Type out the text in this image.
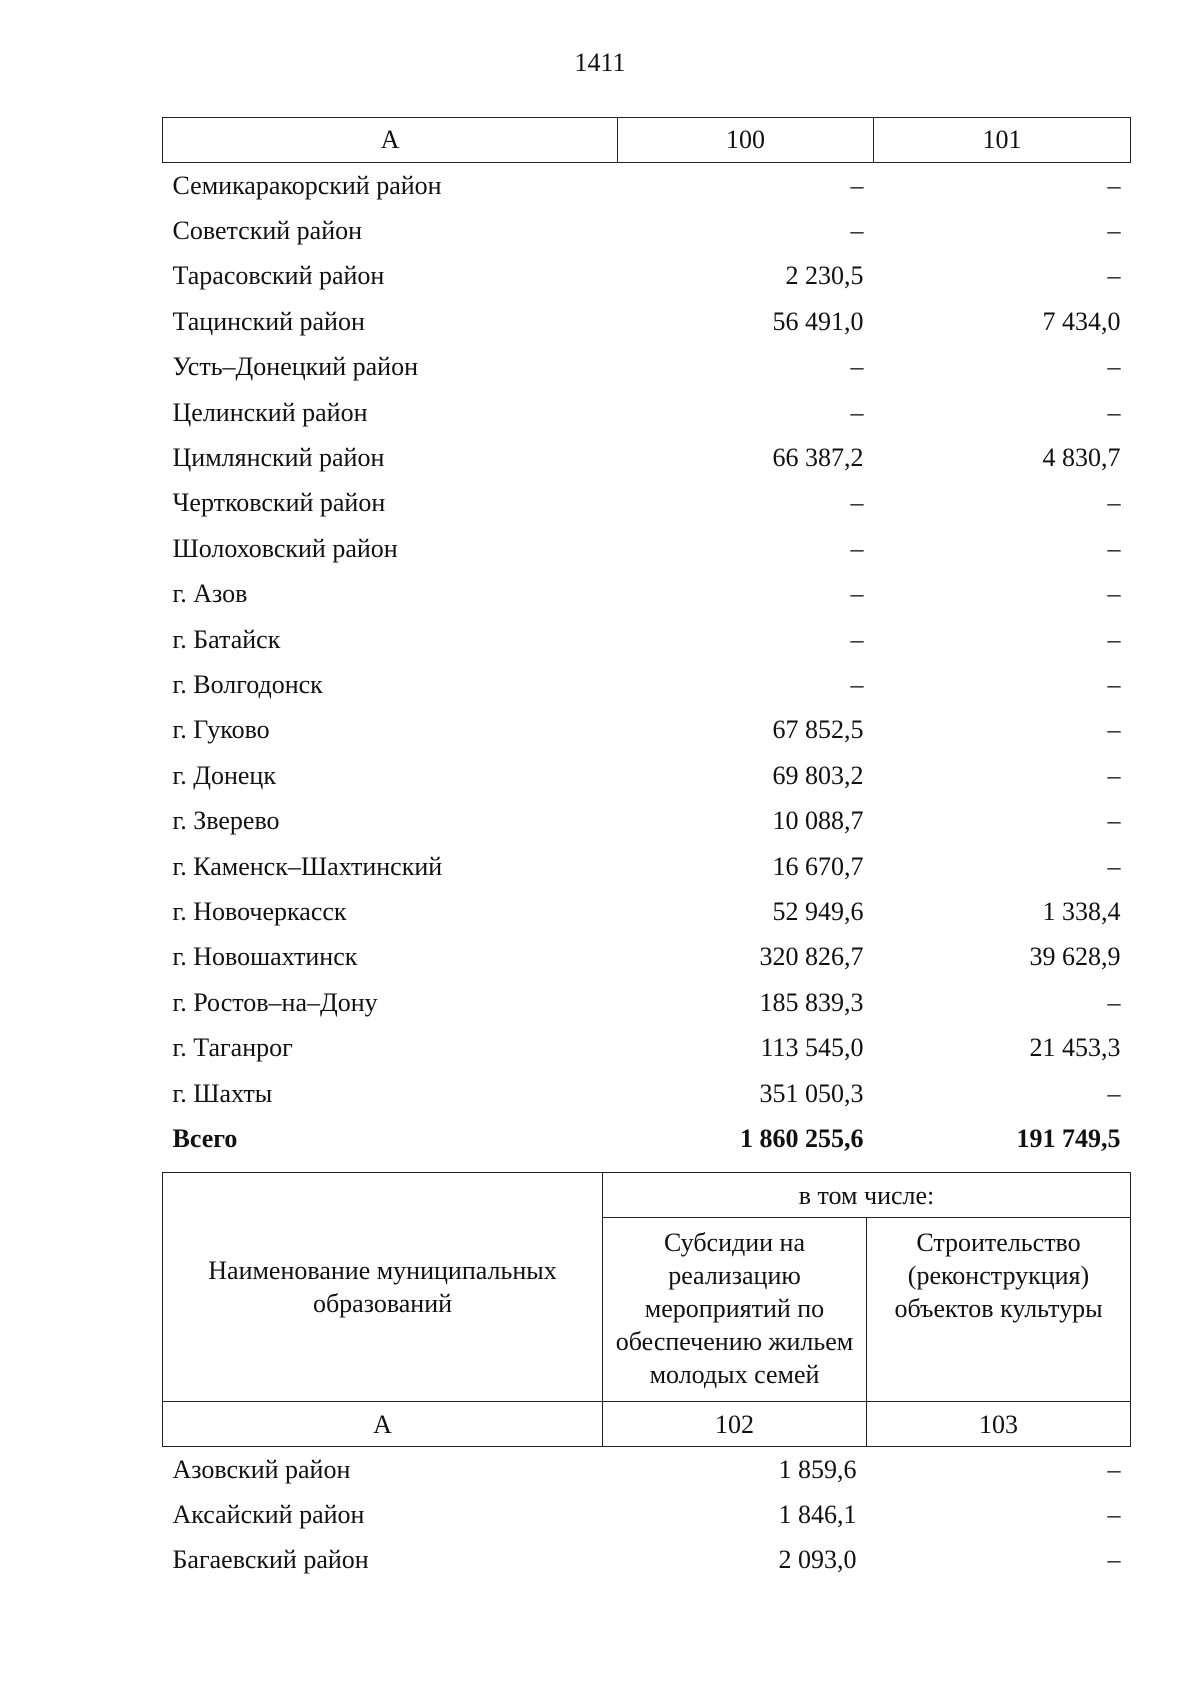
1411
А	100	101
Семикаракорский район	–	–
Советский район	–	–
Тарасовский район	2 230,5	–
Тацинский район	56 491,0	7 434,0
Усть–Донецкий район	–	–
Целинский район	–	–
Цимлянский район	66 387,2	4 830,7
Чертковский район	–	–
Шолоховский район	–	–
г. Азов	–	–
г. Батайск	–	–
г. Волгодонск	–	–
г. Гуково	67 852,5	–
г. Донецк	69 803,2	–
г. Зверево	10 088,7	–
г. Каменск–Шахтинский	16 670,7	–
г. Новочеркасск	52 949,6	1 338,4
г. Новошахтинск	320 826,7	39 628,9
г. Ростов–на–Дону	185 839,3	–
г. Таганрог	113 545,0	21 453,3
г. Шахты	351 050,3	–
Всего	1 860 255,6	191 749,5
Наименование муниципальных образований	в том числе:	
	Субсидии на реализацию мероприятий по обеспечению жильем молодых семей	Строительство (реконструкция) объектов культуры
А	102	103
Азовский район	1 859,6	–
Аксайский район	1 846,1	–
Багаевский район	2 093,0	–
